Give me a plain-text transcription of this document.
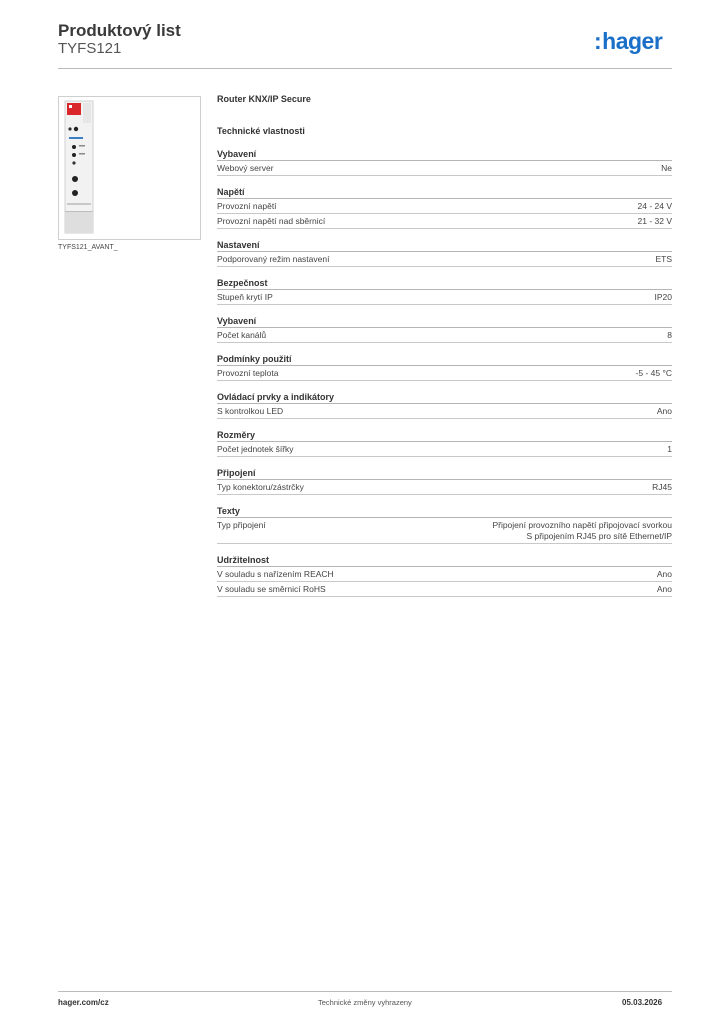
Produktový list
TYFS121	:hager
TYFS121_AVANT_
Router KNX/IP Secure
Technické vlastnosti
Vybavení
Webový server	Ne
Napětí
Provozní napětí	24 - 24 V
Provozní napětí nad sběrnicí	21 - 32 V
Nastavení
Podporovaný režim nastavení	ETS
Bezpečnost
Stupeň krytí IP	IP20
Vybavení
Počet kanálů	8
Podmínky použití
Provozní teplota	-5 - 45 °C
Ovládací prvky a indikátory
S kontrolkou LED	Ano
Rozměry
Počet jednotek šířky	1
Připojení
Typ konektoru/zástrčky	RJ45
Texty
Typ připojení	Připojení provozního napětí připojovací svorkou
S připojením RJ45 pro sítě Ethernet/IP
Udržitelnost
V souladu s nařízením REACH	Ano
V souladu se směrnicí RoHS	Ano
hager.com/cz	Technické změny vyhrazeny	05.03.2026
